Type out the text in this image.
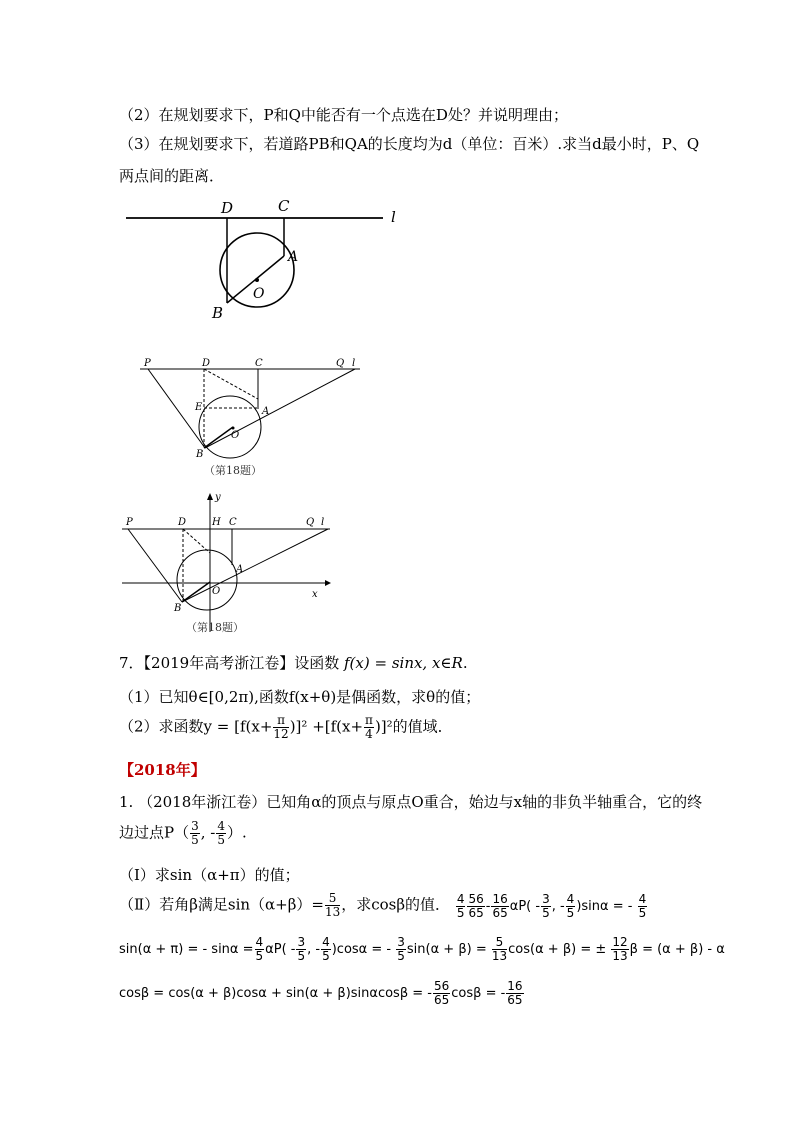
（2）在规划要求下，P和Q中能否有一个点选在D处？并说明理由；
（3）在规划要求下，若道路PB和QA的长度均为d（单位：百米）.求当d最小时，P、Q
两点间的距离．
D	C
l
A
O
B
P	D	C	Q l
E	A
O
B
（第18题）
P	D	H C	Q l
y
A
O
B
x
（第18题）
7．【2019年高考浙江卷】设函数 f(x) = sinx, x∈R.
（1）已知θ∈[0,2π),函数f(x+θ)是偶函数，求θ的值；
（2）求函数$y = [f(x+ \frac{\pi}{12} )]^2 +[f(x+ \frac{\pi}{4} )]^2$的值域．
【2018年】
1. （2018年浙江卷）已知角α的顶点与原点O重合，始边与x轴的非负半轴重合，它的终
边过点$P( \frac{3}{5}$ , - $\frac{4}{5}$ ）.
（Ⅰ）求sin（α+π）的值；
（Ⅱ）若角β满足$\sin(\alpha+\beta)= \frac{5}{13}$ ，求cosβ的值． $\frac{4}{5} \frac{56}{65} - \frac{16}{65} \alpha P( - \frac{3}{5}$ , - $\frac{4}{5} )\sin\alpha$ = - $\frac{4}{5}$
sin(α + π) = - $\sin\alpha = \frac{4}{5} \alpha P( - \frac{3}{5}$ , - $\frac{4}{5} )\cos\alpha$ = - $\frac{3}{5} \sin(\alpha + \beta) = \frac{5}{13} \cos(\alpha + \beta)$ = ± $\frac{12}{13}$ β = (α + β) - α
cosβ = cos(α + β)cosα + sin(α + β)sinαcosβ = - $\frac{56}{65}$ cosβ = - $\frac{16}{65}$
